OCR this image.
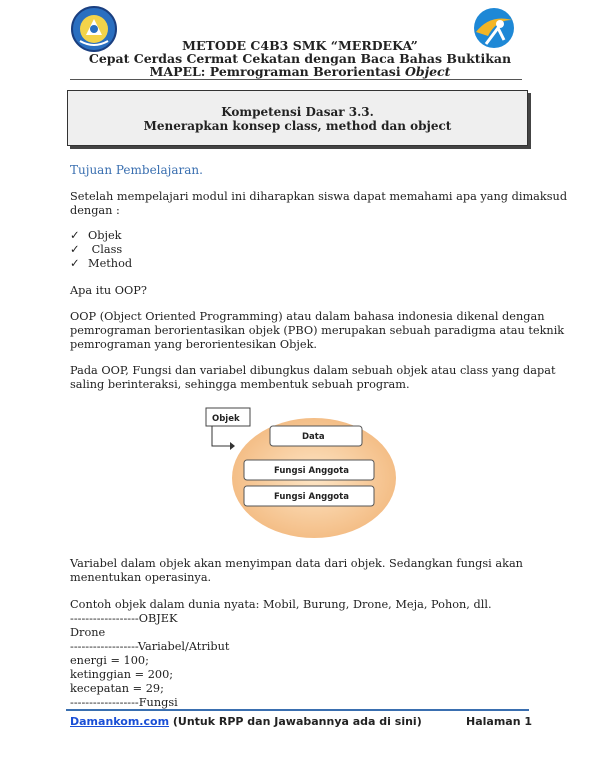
METODE C4B3 SMK “MERDEKA”
Cepat Cerdas Cermat Cekatan dengan Baca Bahas Buktikan
MAPEL: Pemrograman Berorientasi Object
Kompetensi Dasar 3.3.
Menerapkan konsep class, method dan object
Tujuan Pembelajaran.
Setelah mempelajari modul ini diharapkan siswa dapat memahami apa yang dimaksud
dengan :
✓ Objek
✓ Class
✓ Method
Apa itu OOP?
OOP (Object Oriented Programming) atau dalam bahasa indonesia dikenal dengan
pemrograman berorientasikan objek (PBO) merupakan sebuah paradigma atau teknik
pemrograman yang berorientesikan Objek.
Pada OOP, Fungsi dan variabel dibungkus dalam sebuah objek atau class yang dapat
saling berinteraksi, sehingga membentuk sebuah program.
Objek
Data
Fungsi Anggota
Fungsi Anggota
Variabel dalam objek akan menyimpan data dari objek. Sedangkan fungsi akan
menentukan operasinya.
Contoh objek dalam dunia nyata: Mobil, Burung, Drone, Meja, Pohon, dll.
------------------OBJEK
Drone
------------------Variabel/Atribut
energi = 100;
ketinggian = 200;
kecepatan = 29;
------------------Fungsi
Damankom.com (Untuk RPP dan Jawabannya ada di sini)	Halaman 1
